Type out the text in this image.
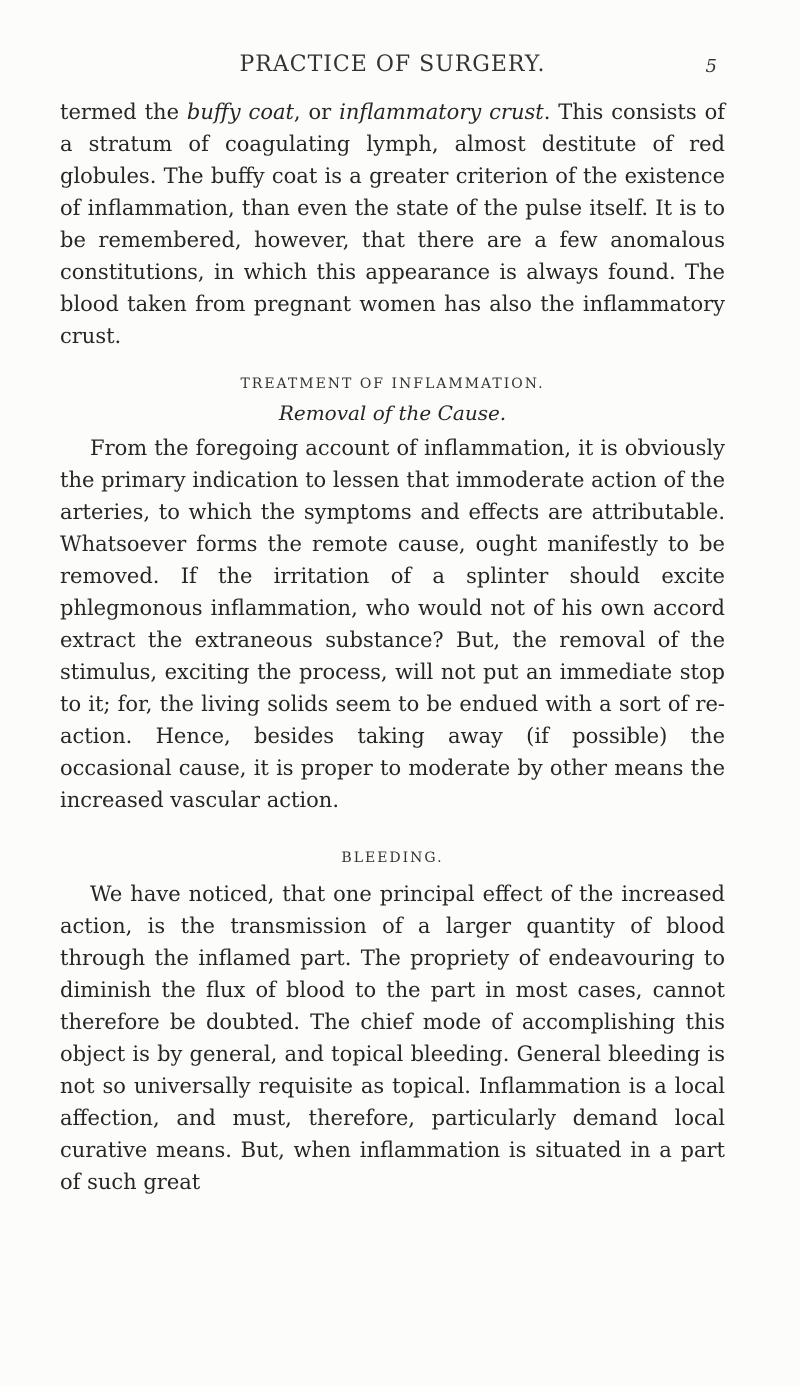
PRACTICE OF SURGERY.	5

termed the buffy coat, or inflammatory crust. This consists of a stratum of coagulating lymph, almost destitute of red globules. The buffy coat is a greater criterion of the existence of inflammation, than even the state of the pulse itself. It is to be remembered, however, that there are a few anomalous constitutions, in which this appearance is always found. The blood taken from pregnant women has also the inflammatory crust.

TREATMENT OF INFLAMMATION.

Removal of the Cause.

From the foregoing account of inflammation, it is obviously the primary indication to lessen that immoderate action of the arteries, to which the symptoms and effects are attributable. Whatsoever forms the remote cause, ought manifestly to be removed. If the irritation of a splinter should excite phlegmonous inflammation, who would not of his own accord extract the extraneous substance? But, the removal of the stimulus, exciting the process, will not put an immediate stop to it; for, the living solids seem to be endued with a sort of re-action. Hence, besides taking away (if possible) the occasional cause, it is proper to moderate by other means the increased vascular action.

BLEEDING.

We have noticed, that one principal effect of the increased action, is the transmission of a larger quantity of blood through the inflamed part. The propriety of endeavouring to diminish the flux of blood to the part in most cases, cannot therefore be doubted. The chief mode of accomplishing this object is by general, and topical bleeding. General bleeding is not so universally requisite as topical. Inflammation is a local affection, and must, therefore, particularly demand local curative means. But, when inflammation is situated in a part of such great
